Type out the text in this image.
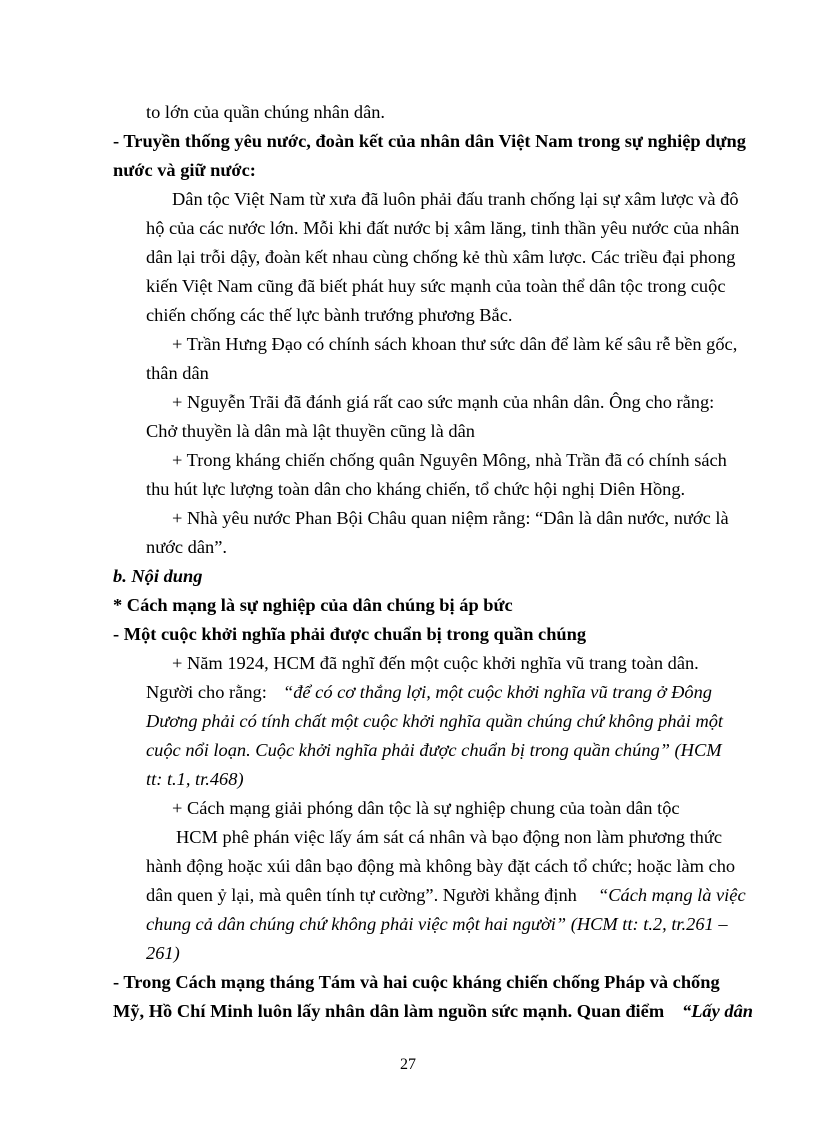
to lớn của quần chúng nhân dân.
- Truyền thống yêu nước, đoàn kết của nhân dân Việt Nam trong sự nghiệp dựng
nước và giữ nước:
Dân tộc Việt Nam từ xưa đã luôn phải đấu tranh chống lại sự xâm lược và đô
hộ của các nước lớn. Mỗi khi đất nước bị xâm lăng, tinh thần yêu nước của nhân
dân lại trỗi dậy, đoàn kết nhau cùng chống kẻ thù xâm lược. Các triều đại phong
kiến Việt Nam cũng đã biết phát huy sức mạnh của toàn thể dân tộc trong cuộc
chiến chống các thế lực bành trướng phương Bắc.
+ Trần Hưng Đạo có chính sách khoan thư sức dân để làm kế sâu rễ bền gốc,
thân dân
+ Nguyễn Trãi đã đánh giá rất cao sức mạnh của nhân dân. Ông cho rằng:
Chở thuyền là dân mà lật thuyền cũng là dân
+ Trong kháng chiến chống quân Nguyên Mông, nhà Trần đã có chính sách
thu hút lực lượng toàn dân cho kháng chiến, tổ chức hội nghị Diên Hồng.
+ Nhà yêu nước Phan Bội Châu quan niệm rằng: “Dân là dân nước, nước là
nước dân”.
b. Nội dung
* Cách mạng là sự nghiệp của dân chúng bị áp bức
- Một cuộc khởi nghĩa phải được chuẩn bị trong quần chúng
+ Năm 1924, HCM đã nghĩ đến một cuộc khởi nghĩa vũ trang toàn dân.
Người cho rằng: “để có cơ thắng lợi, một cuộc khởi nghĩa vũ trang ở Đông
Dương phải có tính chất một cuộc khởi nghĩa quần chúng chứ không phải một
cuộc nổi loạn. Cuộc khởi nghĩa phải được chuẩn bị trong quần chúng” (HCM
tt: t.1, tr.468)
+ Cách mạng giải phóng dân tộc là sự nghiệp chung của toàn dân tộc
HCM phê phán việc lấy ám sát cá nhân và bạo động non làm phương thức
hành động hoặc xúi dân bạo động mà không bày đặt cách tổ chức; hoặc làm cho
dân quen ỷ lại, mà quên tính tự cường”. Người khẳng định “Cách mạng là việc
chung cả dân chúng chứ không phải việc một hai người” (HCM tt: t.2, tr.261 –
261)
- Trong Cách mạng tháng Tám và hai cuộc kháng chiến chống Pháp và chống
Mỹ, Hồ Chí Minh luôn lấy nhân dân làm nguồn sức mạnh. Quan điểm “Lấy dân
27
